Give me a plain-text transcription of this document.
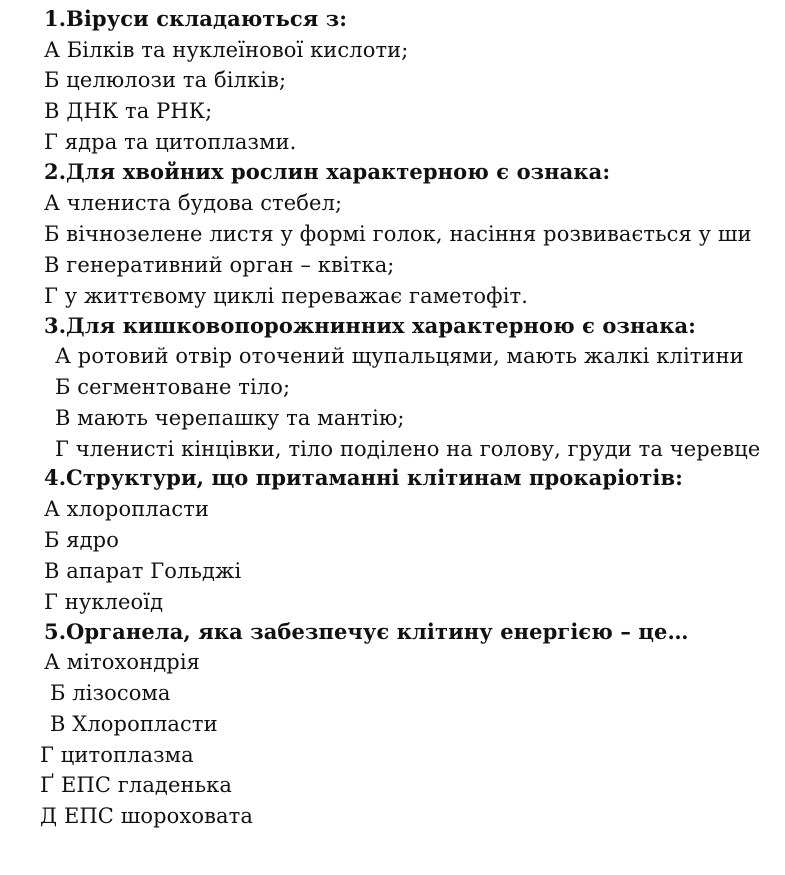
1.Віруси складаються з:
А Білків та нуклеїнової кислоти;
Б целюлози та білків;
В ДНК та РНК;
Г ядра та цитоплазми.
2.Для хвойних рослин характерною є ознака:
А члениста будова стебел;
Б вічнозелене листя у формі голок, насіння розвивається у ши
В генеративний орган – квітка;
Г у життєвому циклі переважає гаметофіт.
3.Для кишковопорожнинних характерною є ознака:
А ротовий отвір оточений щупальцями, мають жалкі клітини
Б сегментоване тіло;
В мають черепашку та мантію;
Г членисті кінцівки, тіло поділено на голову, груди та черевце
4.Структури, що притаманні клітинам прокаріотів:
А хлоропласти
Б ядро
В апарат Гольджі
Г нуклеоїд
5.Органела, яка забезпечує клітину енергією – це…
А мітохондрія
Б лізосома
В Хлоропласти
Г цитоплазма
Ґ ЕПС гладенька
Д ЕПС шороховата
